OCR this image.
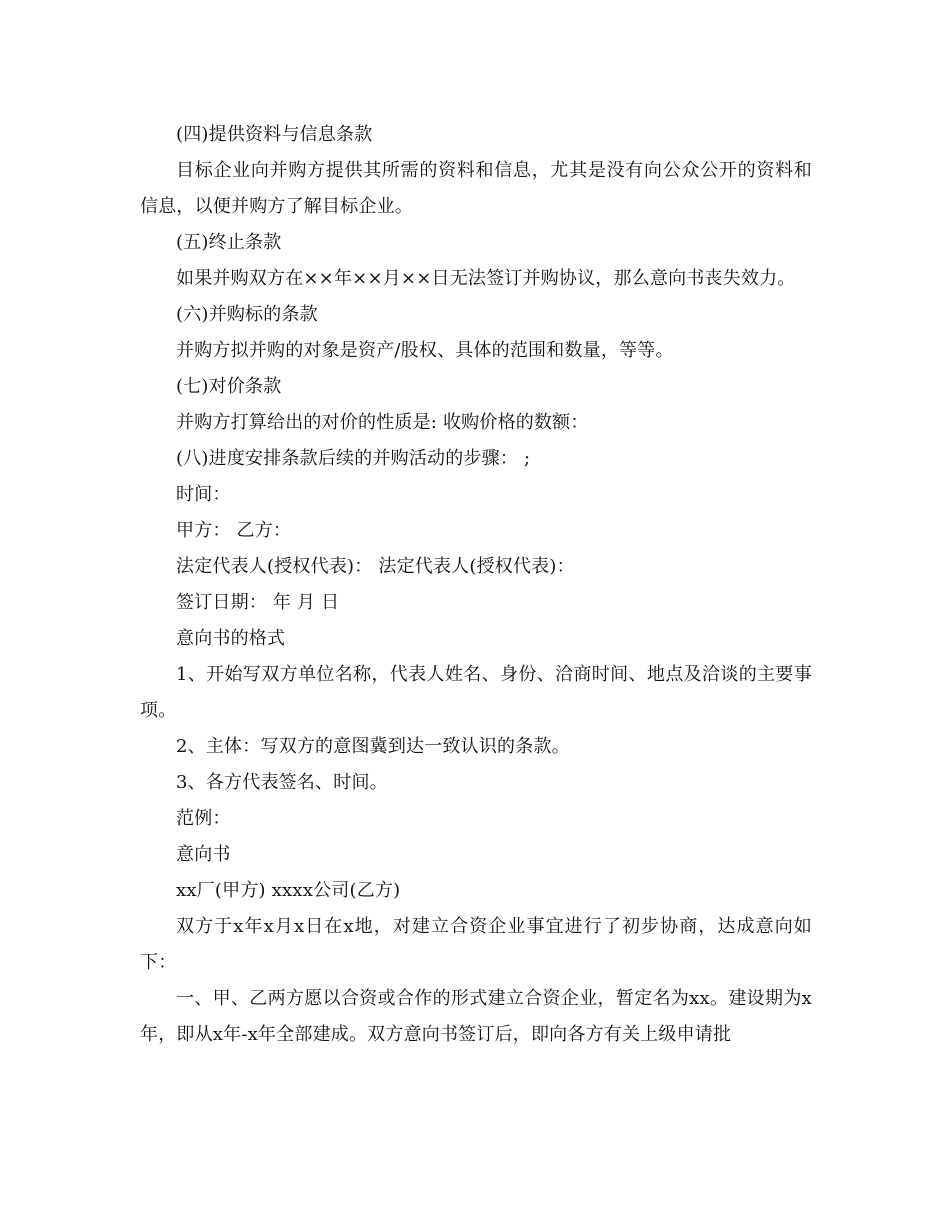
(四)提供资料与信息条款

目标企业向并购方提供其所需的资料和信息，尤其是没有向公众公开的资料和信息，以便并购方了解目标企业。

(五)终止条款

如果并购双方在××年××月××日无法签订并购协议，那么意向书丧失效力。

(六)并购标的条款

并购方拟并购的对象是资产/股权、具体的范围和数量，等等。

(七)对价条款

并购方打算给出的对价的性质是: 收购价格的数额：

(八)进度安排条款后续的并购活动的步骤： ;

时间：

甲方： 乙方：

法定代表人(授权代表)： 法定代表人(授权代表)：

签订日期： 年 月 日

意向书的格式

1、开始写双方单位名称，代表人姓名、身份、洽商时间、地点及洽谈的主要事项。

2、主体：写双方的意图冀到达一致认识的条款。

3、各方代表签名、时间。

范例：

意向书

xx厂(甲方) xxxx公司(乙方)

双方于x年x月x日在x地，对建立合资企业事宜进行了初步协商，达成意向如下：

一、甲、乙两方愿以合资或合作的形式建立合资企业，暂定名为xx。建设期为x年，即从x年-x年全部建成。双方意向书签订后，即向各方有关上级申请批
